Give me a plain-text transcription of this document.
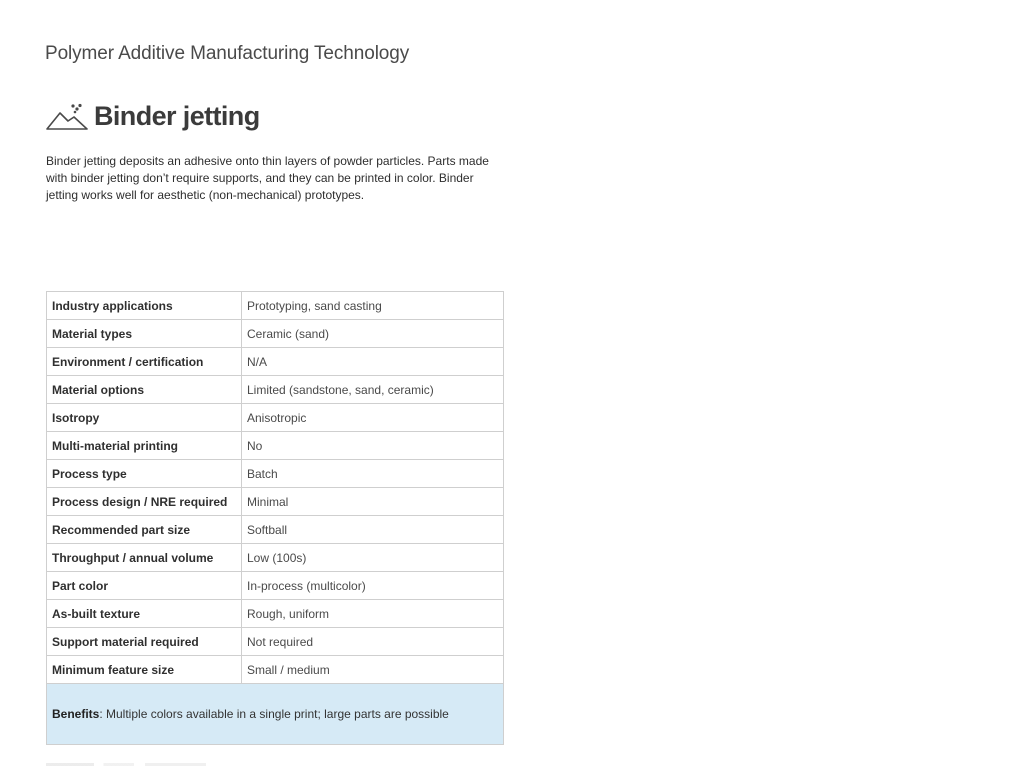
Polymer Additive Manufacturing Technology
Binder jetting

Binder jetting deposits an adhesive onto thin layers of powder particles. Parts made with binder jetting don’t require supports, and they can be printed in color. Binder jetting works well for aesthetic (non-mechanical) prototypes.

Industry applications	Prototyping, sand casting
Material types	Ceramic (sand)
Environment / certification	N/A
Material options	Limited (sandstone, sand, ceramic)
Isotropy	Anisotropic
Multi-material printing	No
Process type	Batch
Process design / NRE required	Minimal
Recommended part size	Softball
Throughput / annual volume	Low (100s)
Part color	In-process (multicolor)
As-built texture	Rough, uniform
Support material required	Not required
Minimum feature size	Small / medium
Benefits: Multiple colors available in a single print; large parts are possible	
